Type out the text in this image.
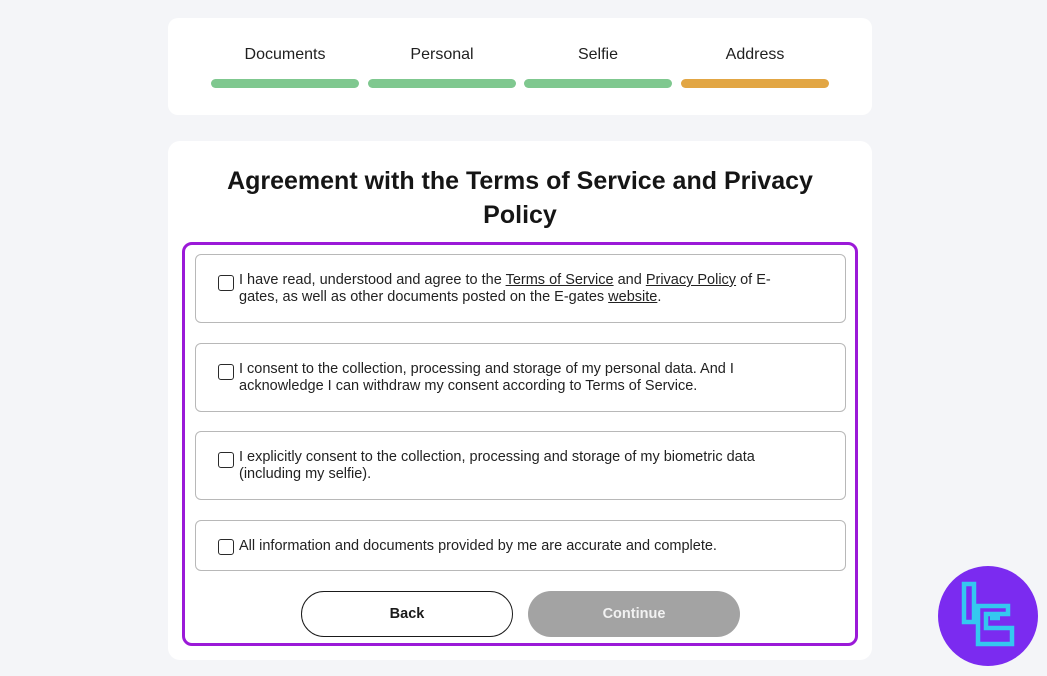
Documents	Personal	Selfie	Address
Agreement with the Terms of Service and Privacy Policy
I have read, understood and agree to the Terms of Service and Privacy Policy of E-gates, as well as other documents posted on the E-gates website.
I consent to the collection, processing and storage of my personal data. And I acknowledge I can withdraw my consent according to Terms of Service.
I explicitly consent to the collection, processing and storage of my biometric data (including my selfie).
All information and documents provided by me are accurate and complete.
Back	Continue
